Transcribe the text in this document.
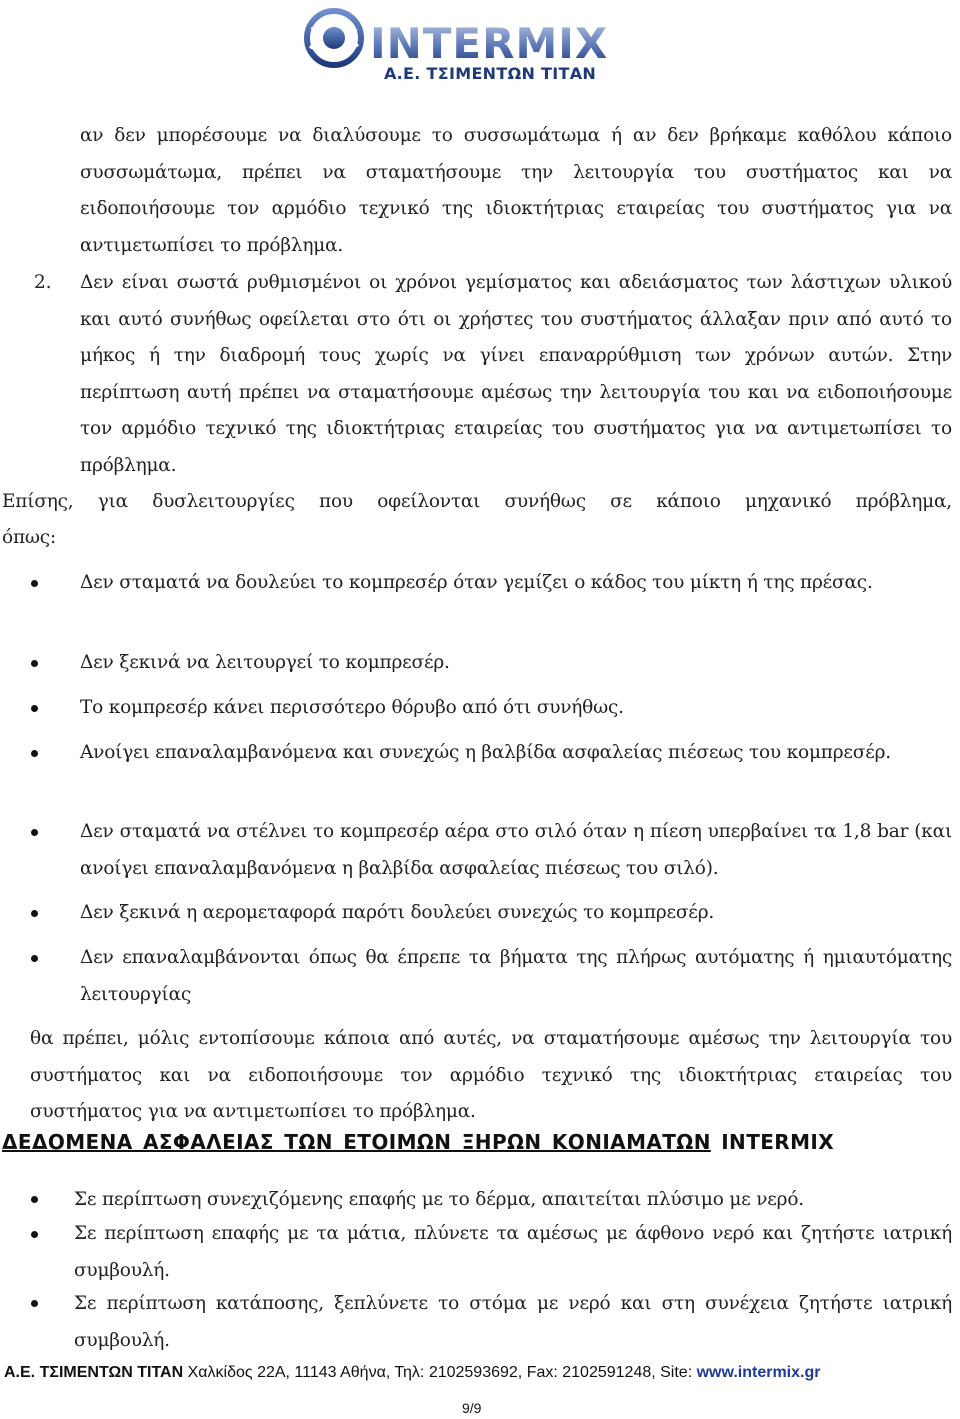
INTERMIX
Α.Ε. ΤΣΙΜΕΝΤΩΝ ΤΙΤΑΝ
αν δεν μπορέσουμε να διαλύσουμε το συσσωμάτωμα ή αν δεν βρήκαμε καθόλου κάποιο συσσωμάτωμα, πρέπει να σταματήσουμε την λειτουργία του συστήματος και να ειδοποιήσουμε τον αρμόδιο τεχνικό της ιδιοκτήτριας εταιρείας του συστήματος για να αντιμετωπίσει το πρόβλημα.
2. Δεν είναι σωστά ρυθμισμένοι οι χρόνοι γεμίσματος και αδειάσματος των λάστιχων υλικού και αυτό συνήθως οφείλεται στο ότι οι χρήστες του συστήματος άλλαξαν πριν από αυτό το μήκος ή την διαδρομή τους χωρίς να γίνει επαναρρύθμιση των χρόνων αυτών. Στην περίπτωση αυτή πρέπει να σταματήσουμε αμέσως την λειτουργία του και να ειδοποιήσουμε τον αρμόδιο τεχνικό της ιδιοκτήτριας εταιρείας του συστήματος για να αντιμετωπίσει το πρόβλημα.
Επίσης, για δυσλειτουργίες που οφείλονται συνήθως σε κάποιο μηχανικό πρόβλημα,
όπως:
Δεν σταματά να δουλεύει το κομπρεσέρ όταν γεμίζει ο κάδος του μίκτη ή της πρέσας.
Δεν ξεκινά να λειτουργεί το κομπρεσέρ.
Το κομπρεσέρ κάνει περισσότερο θόρυβο από ότι συνήθως.
Ανοίγει επαναλαμβανόμενα και συνεχώς η βαλβίδα ασφαλείας πιέσεως του κομπρεσέρ.
Δεν σταματά να στέλνει το κομπρεσέρ αέρα στο σιλό όταν η πίεση υπερβαίνει τα 1,8 bar (και ανοίγει επαναλαμβανόμενα η βαλβίδα ασφαλείας πιέσεως του σιλό).
Δεν ξεκινά η αερομεταφορά παρότι δουλεύει συνεχώς το κομπρεσέρ.
Δεν επαναλαμβάνονται όπως θα έπρεπε τα βήματα της πλήρως αυτόματης ή ημιαυτόματης λειτουργίας
θα πρέπει, μόλις εντοπίσουμε κάποια από αυτές, να σταματήσουμε αμέσως την λειτουργία του συστήματος και να ειδοποιήσουμε τον αρμόδιο τεχνικό της ιδιοκτήτριας εταιρείας του συστήματος για να αντιμετωπίσει το πρόβλημα.
ΔΕΔΟΜΕΝΑ ΑΣΦΑΛΕΙΑΣ ΤΩΝ ΕΤΟΙΜΩΝ ΞΗΡΩΝ ΚΟΝΙΑΜΑΤΩΝ INTERMIX
Σε περίπτωση συνεχιζόμενης επαφής με το δέρμα, απαιτείται πλύσιμο με νερό.
Σε περίπτωση επαφής με τα μάτια, πλύνετε τα αμέσως με άφθονο νερό και ζητήστε ιατρική συμβουλή.
Σε περίπτωση κατάποσης, ξεπλύνετε το στόμα με νερό και στη συνέχεια ζητήστε ιατρική συμβουλή.
Α.Ε. ΤΣΙΜΕΝΤΩΝ ΤΙΤΑΝ Χαλκίδος 22Α, 11143 Αθήνα, Τηλ: 2102593692, Fax: 2102591248, Site: www.intermix.gr
9/9
